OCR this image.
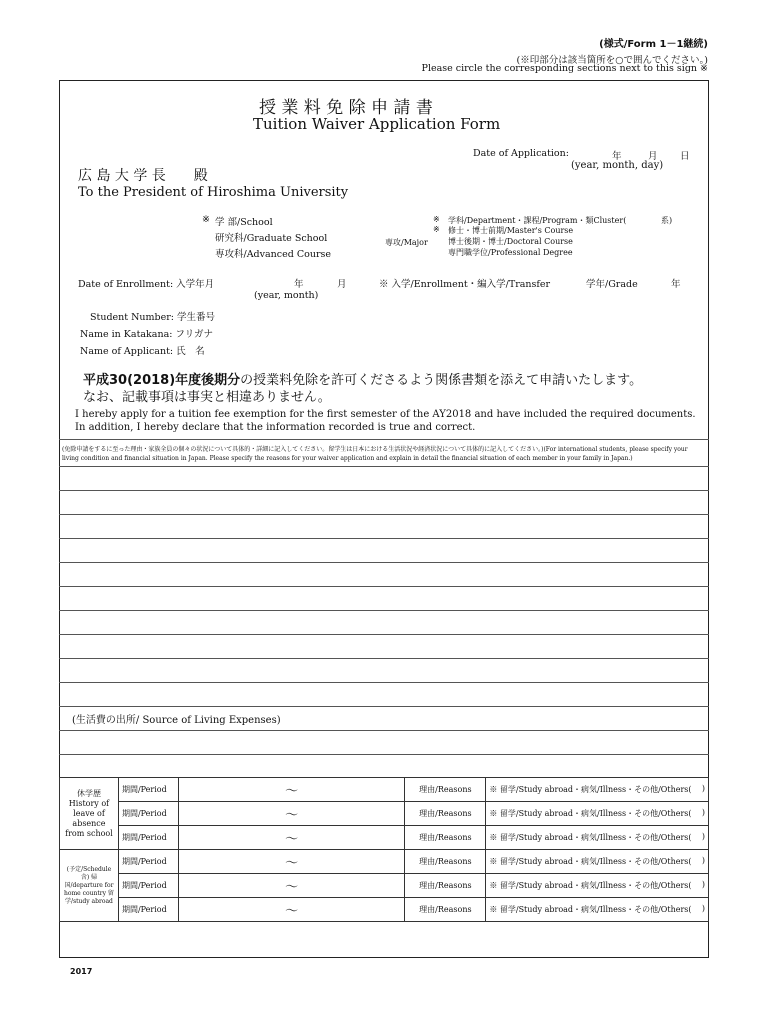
(様式/Form 1－1継続)
(※印部分は該当箇所を○で囲んでください。)
Please circle the corresponding sections next to this sign ※
授 業 料 免 除 申 請 書
Tuition Waiver Application Form
Date of Application:	年	月 日
(year, month, day)
広 島 大 学 長　　殿
To the President of Hiroshima University
※ 学 部/School
研究科/Graduate School
専攻科/Advanced Course
専攻/Major
※ 学科/Department・課程/Program・類Cluster(	系)
※ 修士・博士前期/Master's Course
博士後期・博士/Doctoral Course
専門職学位/Professional Degree
Date of Enrollment: 入学年月	年	月
(year, month)
※ 入学/Enrollment・編入学/Transfer	学年/Grade	年
Student Number: 学生番号
Name in Katakana: フリガナ
Name of Applicant: 氏　名
平成30(2018)年度後期分の授業料免除を許可くださるよう関係書類を添えて申請いたします。
なお、記載事項は事実と相違ありません。
I hereby apply for a tuition fee exemption for the first semester of the AY2018 and have included the required documents.
In addition, I hereby declare that the information recorded is true and correct.
(免除申請をするに至った理由・家族全員の個々の状況について具体的・詳細に記入してください。留学生は日本における生活状況や経済状況について具体的に記入してください。)(For international students, please specify your living condition and financial situation in Japan. Please specify the reasons for your waiver application and explain in detail the financial situation of each member in your family in Japan.)
(生活費の出所/ Source of Living Expenses)
休学歴 History of leave of absence from school	期間/Period	～	理由/Reasons	※ 留学/Study abroad・病気/Illness・その他/Others( )

	期間/Period	～	理由/Reasons	※ 留学/Study abroad・病気/Illness・その他/Others( )

	期間/Period	～	理由/Reasons	※ 留学/Study abroad・病気/Illness・その他/Others( )

(予定/Schedule含) 帰国/departure for home country 留学/study abroad	期間/Period	～	理由/Reasons	※ 留学/Study abroad・病気/Illness・その他/Others( )

	期間/Period	～	理由/Reasons	※ 留学/Study abroad・病気/Illness・その他/Others( )

	期間/Period	～	理由/Reasons	※ 留学/Study abroad・病気/Illness・その他/Others( )
2017
